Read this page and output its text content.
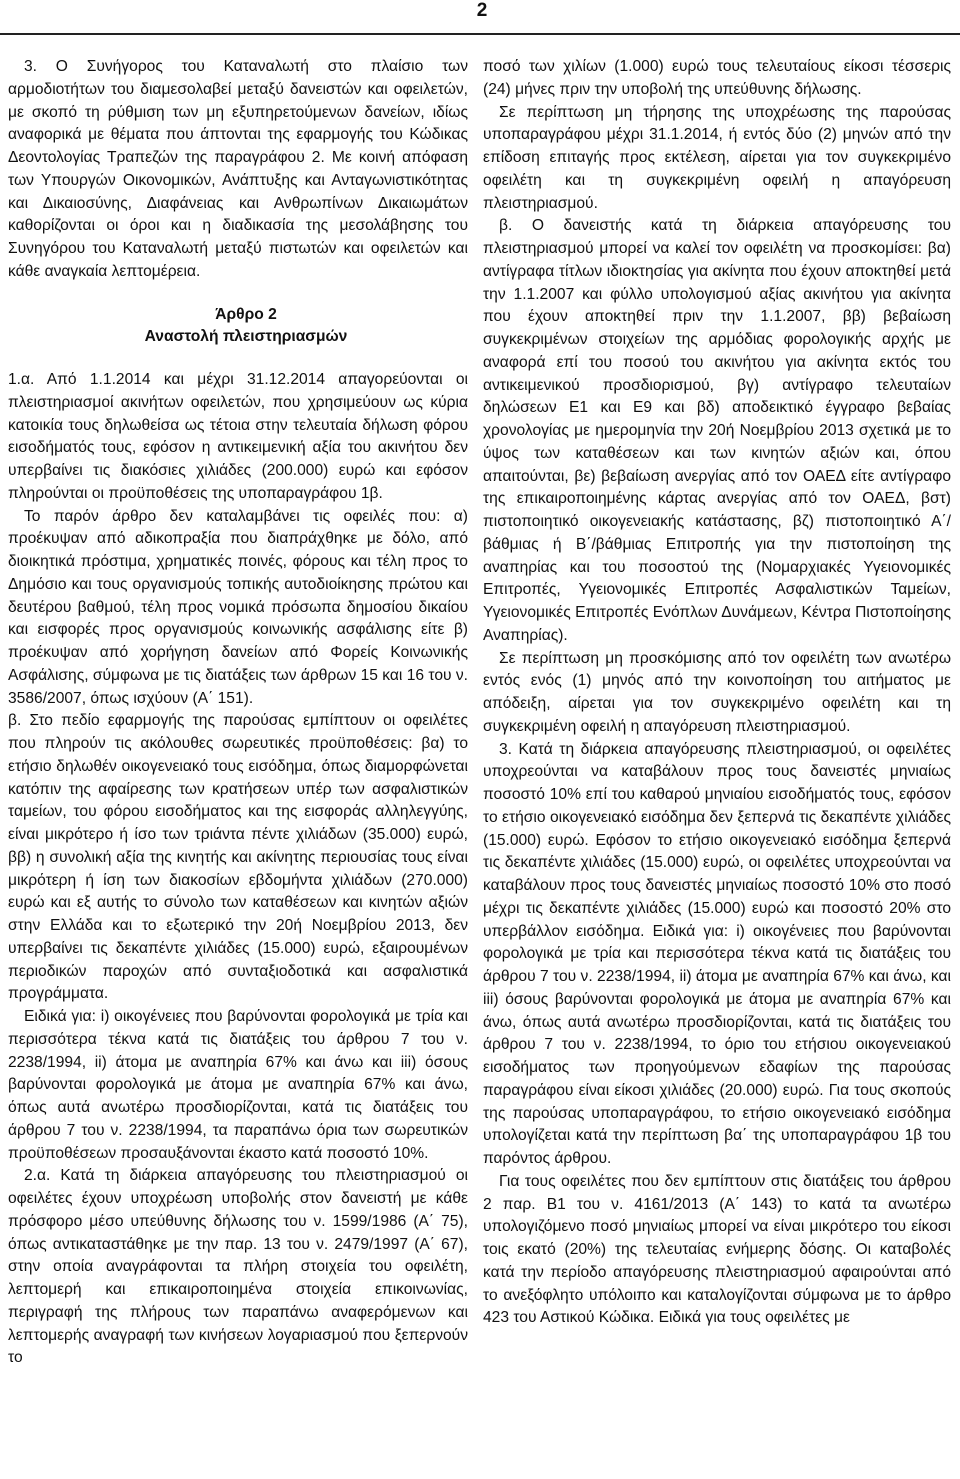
2

3. Ο Συνήγορος του Καταναλωτή στο πλαίσιο των αρμοδιοτήτων του διαμεσολαβεί μεταξύ δανειστών και οφειλετών, με σκοπό τη ρύθμιση των μη εξυπηρετούμενων δανείων, ιδίως αναφορικά με θέματα που άπτονται της εφαρμογής του Κώδικας Δεοντολογίας Τραπεζών της παραγράφου 2. Με κοινή απόφαση των Υπουργών Οικονομικών, Ανάπτυξης και Ανταγωνιστικότητας και Δικαιοσύνης, Διαφάνειας και Ανθρωπίνων Δικαιωμάτων καθορίζονται οι όροι και η διαδικασία της μεσολάβησης του Συνηγόρου του Καταναλωτή μεταξύ πιστωτών και οφειλετών και κάθε αναγκαία λεπτομέρεια.

Άρθρο 2

Αναστολή πλειστηριασμών

1.α. Από 1.1.2014 και μέχρι 31.12.2014 απαγορεύονται οι πλειστηριασμοί ακινήτων οφειλετών, που χρησιμεύουν ως κύρια κατοικία τους δηλωθείσα ως τέτοια στην τελευταία δήλωση φόρου εισοδήματός τους, εφόσον η αντικειμενική αξία του ακινήτου δεν υπερβαίνει τις διακόσιες χιλιάδες (200.000) ευρώ και εφόσον πληρούνται οι προϋποθέσεις της υποπαραγράφου 1β.

Το παρόν άρθρο δεν καταλαμβάνει τις οφειλές που: α) προέκυψαν από αδικοπραξία που διαπράχθηκε με δόλο, από διοικητικά πρόστιμα, χρηματικές ποινές, φόρους και τέλη προς το Δημόσιο και τους οργανισμούς τοπικής αυτοδιοίκησης πρώτου και δευτέρου βαθμού, τέλη προς νομικά πρόσωπα δημοσίου δικαίου και εισφορές προς οργανισμούς κοινωνικής ασφάλισης είτε β) προέκυψαν από χορήγηση δανείων από Φορείς Κοινωνικής Ασφάλισης, σύμφωνα με τις διατάξεις των άρθρων 15 και 16 του ν. 3586/2007, όπως ισχύουν (Α΄ 151).

β. Στο πεδίο εφαρμογής της παρούσας εμπίπτουν οι οφειλέτες που πληρούν τις ακόλουθες σωρευτικές προϋποθέσεις: βα) το ετήσιο δηλωθέν οικογενειακό τους εισόδημα, όπως διαμορφώνεται κατόπιν της αφαίρεσης των κρατήσεων υπέρ των ασφαλιστικών ταμείων, του φόρου εισοδήματος και της εισφοράς αλληλεγγύης, είναι μικρότερο ή ίσο των τριάντα πέντε χιλιάδων (35.000) ευρώ, ββ) η συνολική αξία της κινητής και ακίνητης περιουσίας τους είναι μικρότερη ή ίση των διακοσίων εβδομήντα χιλιάδων (270.000) ευρώ και εξ αυτής το σύνολο των καταθέσεων και κινητών αξιών στην Ελλάδα και το εξωτερικό την 20ή Νοεμβρίου 2013, δεν υπερβαίνει τις δεκαπέντε χιλιάδες (15.000) ευρώ, εξαιρουμένων περιοδικών παροχών από συνταξιοδοτικά και ασφαλιστικά προγράμματα.

Ειδικά για: i) οικογένειες που βαρύνονται φορολογικά με τρία και περισσότερα τέκνα κατά τις διατάξεις του άρθρου 7 του ν. 2238/1994, ii) άτομα με αναπηρία 67% και άνω και iii) όσους βαρύνονται φορολογικά με άτομα με αναπηρία 67% και άνω, όπως αυτά ανωτέρω προσδιορίζονται, κατά τις διατάξεις του άρθρου 7 του ν. 2238/1994, τα παραπάνω όρια των σωρευτικών προϋποθέσεων προσαυξάνονται έκαστο κατά ποσοστό 10%.

2.α. Κατά τη διάρκεια απαγόρευσης του πλειστηριασμού οι οφειλέτες έχουν υποχρέωση υποβολής στον δανειστή με κάθε πρόσφορο μέσο υπεύθυνης δήλωσης του ν. 1599/1986 (Α΄ 75), όπως αντικαταστάθηκε με την παρ. 13 του ν. 2479/1997 (Α΄ 67), στην οποία αναγράφονται τα πλήρη στοιχεία του οφειλέτη, λεπτομερή και επικαιροποιημένα στοιχεία επικοινωνίας, περιγραφή της πλήρους των παραπάνω αναφερόμενων και λεπτομερής αναγραφή των κινήσεων λογαριασμού που ξεπερνούν το

ποσό των χιλίων (1.000) ευρώ τους τελευταίους είκοσι τέσσερις (24) μήνες πριν την υποβολή της υπεύθυνης δήλωσης.

Σε περίπτωση μη τήρησης της υποχρέωσης της παρούσας υποπαραγράφου μέχρι 31.1.2014, ή εντός δύο (2) μηνών από την επίδοση επιταγής προς εκτέλεση, αίρεται για τον συγκεκριμένο οφειλέτη και τη συγκεκριμένη οφειλή η απαγόρευση πλειστηριασμού.

β. Ο δανειστής κατά τη διάρκεια απαγόρευσης του πλειστηριασμού μπορεί να καλεί τον οφειλέτη να προσκομίσει: βα) αντίγραφα τίτλων ιδιοκτησίας για ακίνητα που έχουν αποκτηθεί μετά την 1.1.2007 και φύλλο υπολογισμού αξίας ακινήτου για ακίνητα που έχουν αποκτηθεί πριν την 1.1.2007, ββ) βεβαίωση συγκεκριμένων στοιχείων της αρμόδιας φορολογικής αρχής με αναφορά επί του ποσού του ακινήτου για ακίνητα εκτός του αντικειμενικού προσδιορισμού, βγ) αντίγραφο τελευταίων δηλώσεων Ε1 και Ε9 και βδ) αποδεικτικό έγγραφο βεβαίας χρονολογίας με ημερομηνία την 20ή Νοεμβρίου 2013 σχετικά με το ύψος των καταθέσεων και των κινητών αξιών και, όπου απαιτούνται, βε) βεβαίωση ανεργίας από τον ΟΑΕΔ είτε αντίγραφο της επικαιροποιημένης κάρτας ανεργίας από τον ΟΑΕΔ, βστ) πιστοποιητικό οικογενειακής κατάστασης, βζ) πιστοποιητικό Α΄/βάθμιας ή Β΄/βάθμιας Επιτροπής για την πιστοποίηση της αναπηρίας και του ποσοστού της (Νομαρχιακές Υγειονομικές Επιτροπές, Υγειονομικές Επιτροπές Ασφαλιστικών Ταμείων, Υγειονομικές Επιτροπές Ενόπλων Δυνάμεων, Κέντρα Πιστοποίησης Αναπηρίας).

Σε περίπτωση μη προσκόμισης από τον οφειλέτη των ανωτέρω εντός ενός (1) μηνός από την κοινοποίηση του αιτήματος με απόδειξη, αίρεται για τον συγκεκριμένο οφειλέτη και τη συγκεκριμένη οφειλή η απαγόρευση πλειστηριασμού.

3. Κατά τη διάρκεια απαγόρευσης πλειστηριασμού, οι οφειλέτες υποχρεούνται να καταβάλουν προς τους δανειστές μηνιαίως ποσοστό 10% επί του καθαρού μηνιαίου εισοδήματός τους, εφόσον το ετήσιο οικογενειακό εισόδημα δεν ξεπερνά τις δεκαπέντε χιλιάδες (15.000) ευρώ. Εφόσον το ετήσιο οικογενειακό εισόδημα ξεπερνά τις δεκαπέντε χιλιάδες (15.000) ευρώ, οι οφειλέτες υποχρεούνται να καταβάλουν προς τους δανειστές μηνιαίως ποσοστό 10% στο ποσό μέχρι τις δεκαπέντε χιλιάδες (15.000) ευρώ και ποσοστό 20% στο υπερβάλλον εισόδημα. Ειδικά για: i) οικογένειες που βαρύνονται φορολογικά με τρία και περισσότερα τέκνα κατά τις διατάξεις του άρθρου 7 του ν. 2238/1994, ii) άτομα με αναπηρία 67% και άνω, και iii) όσους βαρύνονται φορολογικά με άτομα με αναπηρία 67% και άνω, όπως αυτά ανωτέρω προσδιορίζονται, κατά τις διατάξεις του άρθρου 7 του ν. 2238/1994, το όριο του ετήσιου οικογενειακού εισοδήματος των προηγούμενων εδαφίων της παρούσας παραγράφου είναι είκοσι χιλιάδες (20.000) ευρώ. Για τους σκοπούς της παρούσας υποπαραγράφου, το ετήσιο οικογενειακό εισόδημα υπολογίζεται κατά την περίπτωση βα΄ της υποπαραγράφου 1β του παρόντος άρθρου.

Για τους οφειλέτες που δεν εμπίπτουν στις διατάξεις του άρθρου 2 παρ. Β1 του ν. 4161/2013 (Α΄ 143) το κατά τα ανωτέρω υπολογιζόμενο ποσό μηνιαίως μπορεί να είναι μικρότερο του είκοσι τοις εκατό (20%) της τελευταίας ενήμερης δόσης. Οι καταβολές κατά την περίοδο απαγόρευσης πλειστηριασμού αφαιρούνται από το ανεξόφλητο υπόλοιπο και καταλογίζονται σύμφωνα με το άρθρο 423 του Αστικού Κώδικα. Ειδικά για τους οφειλέτες με
